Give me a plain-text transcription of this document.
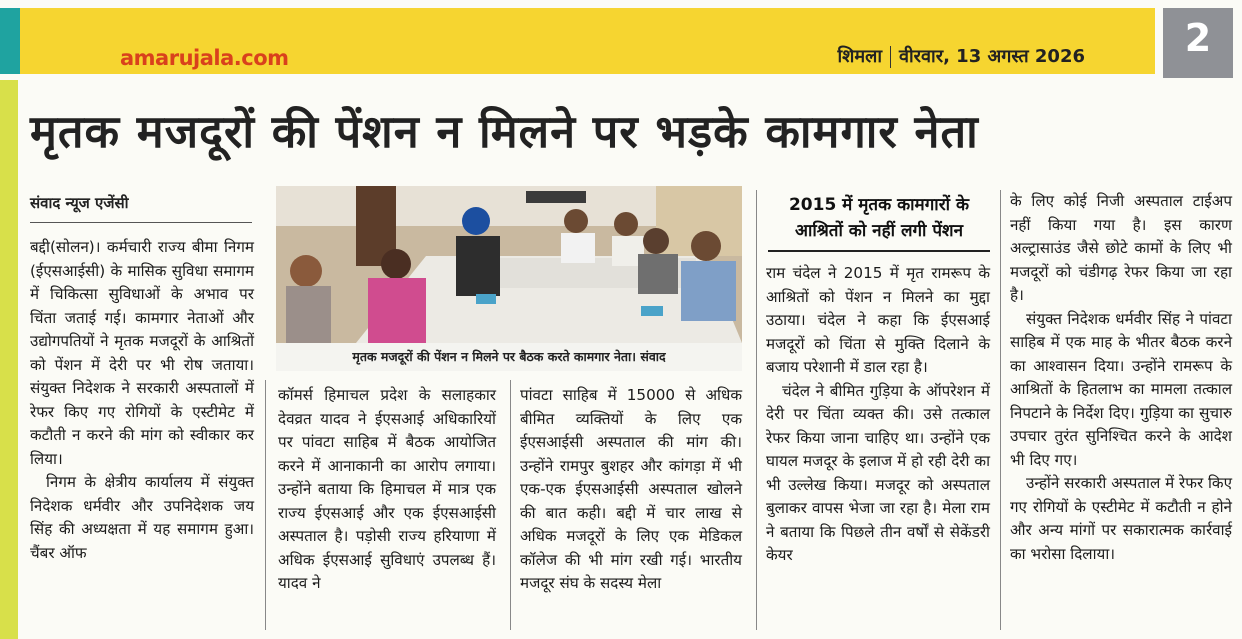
amarujala.com	शिमला वीरवार, 13 अगस्त 2026	2
मृतक मजदूरों की पेंशन न मिलने पर भड़के कामगार नेता
संवाद न्यूज एजेंसी

बद्दी(सोलन)। कर्मचारी राज्य बीमा निगम (ईएसआईसी) के मासिक सुविधा समागम में चिकित्सा सुविधाओं के अभाव पर चिंता जताई गई। कामगार नेताओं और उद्योगपतियों ने मृतक मजदूरों के आश्रितों को पेंशन में देरी पर भी रोष जताया। संयुक्त निदेशक ने सरकारी अस्पतालों में रेफर किए गए रोगियों के एस्टीमेट में कटौती न करने की मांग को स्वीकार कर लिया।

निगम के क्षेत्रीय कार्यालय में संयुक्त निदेशक धर्मवीर और उपनिदेशक जय सिंह की अध्यक्षता में यह समागम हुआ। चैंबर ऑफ

मृतक मजदूरों की पेंशन न मिलने पर बैठक करते कामगार नेता। संवाद

कॉमर्स हिमाचल प्रदेश के सलाहकार देवव्रत यादव ने ईएसआई अधिकारियों पर पांवटा साहिब में बैठक आयोजित करने में आनाकानी का आरोप लगाया। उन्होंने बताया कि हिमाचल में मात्र एक राज्य ईएसआई और एक ईएसआईसी अस्पताल है। पड़ोसी राज्य हरियाणा में अधिक ईएसआई सुविधाएं उपलब्ध हैं। यादव ने

पांवटा साहिब में 15000 से अधिक बीमित व्यक्तियों के लिए एक ईएसआईसी अस्पताल की मांग की। उन्होंने रामपुर बुशहर और कांगड़ा में भी एक-एक ईएसआईसी अस्पताल खोलने की बात कही। बद्दी में चार लाख से अधिक मजदूरों के लिए एक मेडिकल कॉलेज की भी मांग रखी गई। भारतीय मजदूर संघ के सदस्य मेला

2015 में मृतक कामगारों के आश्रितों को नहीं लगी पेंशन

राम चंदेल ने 2015 में मृत रामरूप के आश्रितों को पेंशन न मिलने का मुद्दा उठाया। चंदेल ने कहा कि ईएसआई मजदूरों को चिंता से मुक्ति दिलाने के बजाय परेशानी में डाल रहा है।

चंदेल ने बीमित गुड़िया के ऑपरेशन में देरी पर चिंता व्यक्त की। उसे तत्काल रेफर किया जाना चाहिए था। उन्होंने एक घायल मजदूर के इलाज में हो रही देरी का भी उल्लेख किया। मजदूर को अस्पताल बुलाकर वापस भेजा जा रहा है। मेला राम ने बताया कि पिछले तीन वर्षों से सेकेंडरी केयर

के लिए कोई निजी अस्पताल टाईअप नहीं किया गया है। इस कारण अल्ट्रासाउंड जैसे छोटे कामों के लिए भी मजदूरों को चंडीगढ़ रेफर किया जा रहा है।

संयुक्त निदेशक धर्मवीर सिंह ने पांवटा साहिब में एक माह के भीतर बैठक करने का आश्वासन दिया। उन्होंने रामरूप के आश्रितों के हितलाभ का मामला तत्काल निपटाने के निर्देश दिए। गुड़िया का सुचारु उपचार तुरंत सुनिश्चित करने के आदेश भी दिए गए।

उन्होंने सरकारी अस्पताल में रेफर किए गए रोगियों के एस्टीमेट में कटौती न होने और अन्य मांगों पर सकारात्मक कार्रवाई का भरोसा दिलाया।
